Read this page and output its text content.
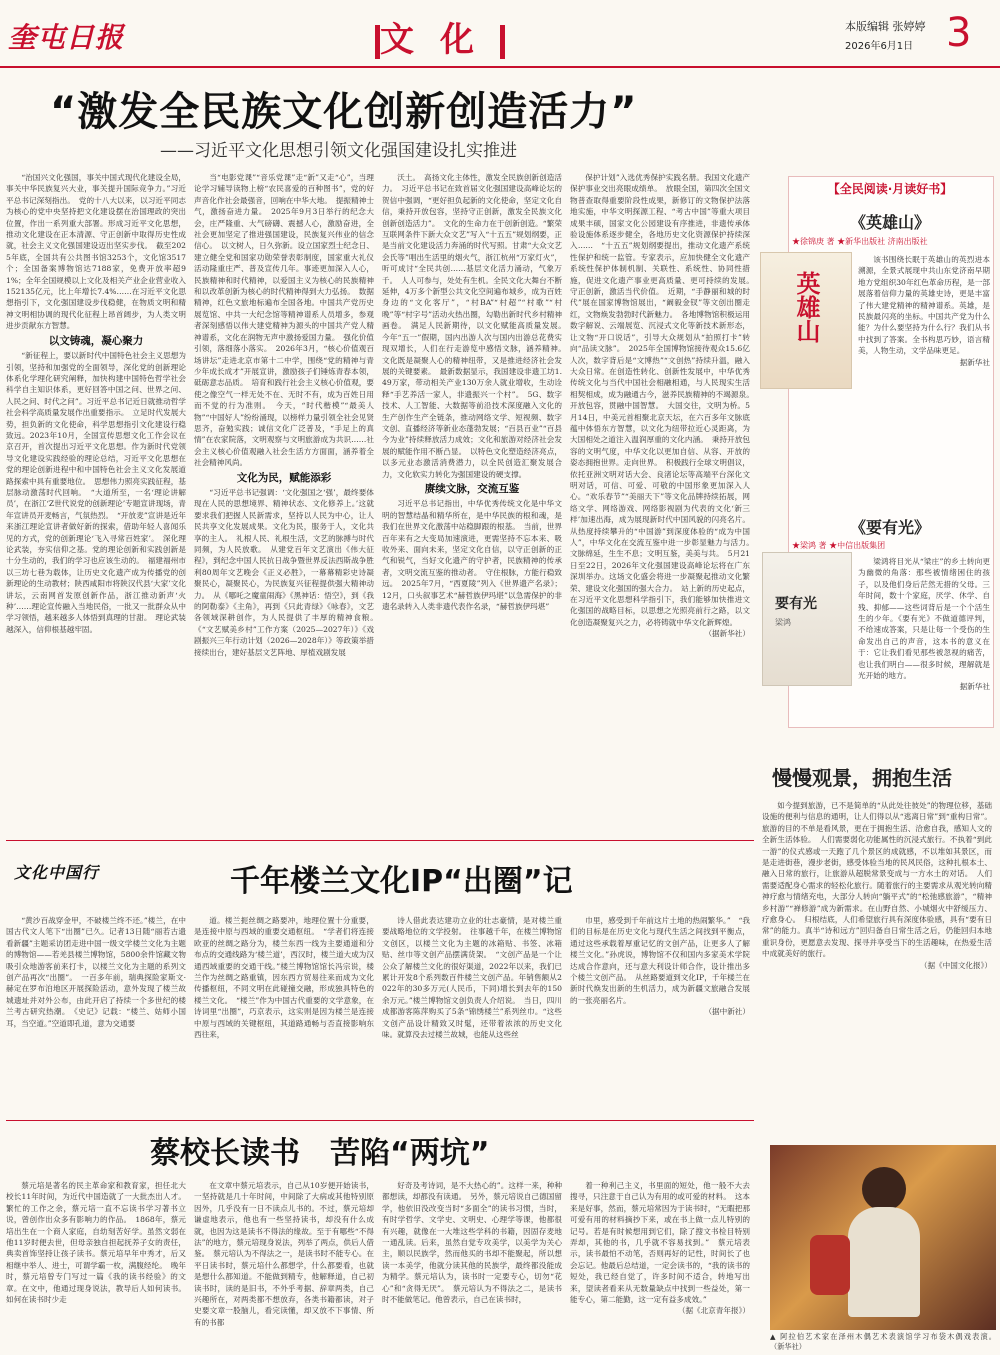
奎屯日报	文化	本版编辑 张婷婷
2026年6月1日 3
“激发全民族文化创新创造活力”
——习近平文化思想引领文化强国建设扎实推进

“治国兴文化强国，事关中国式现代化建设全局，事关中华民族复兴大业，事关提升国际竞争力。”习近平总书记深刻指出。　党的十八大以来，以习近平同志为核心的党中央坚持把文化建设摆在治国理政的突出位置，作出一系列重大部署。形成习近平文化思想，推动文化建设在正本清源、守正创新中取得历史性成就，社会主义文化强国建设迈出坚实步伐。　截至2025年底，全国共有公共图书馆3253个，文化馆3517个；全国备案博物馆达7188家，免费开放率超91%；全年全国规模以上文化及相关产业企业营业收入152135亿元，比上年增长7.4%……在习近平文化思想指引下，文化强国建设步伐稳健，在物质文明和精神文明相协调的现代化征程上昂首阔步，为人类文明进步贡献东方智慧。

以文铸魂，凝心聚力

“新征程上，要以新时代中国特色社会主义思想为引领，坚持和加强党的全面领导，深化党的创新理论体系化学理化研究阐释，加快构建中国特色哲学社会科学自主知识体系，更好回答中国之问、世界之问、人民之问、时代之问”。习近平总书记近日就推动哲学社会科学高质量发展作出重要指示。　立足时代发展大势，担负新的文化使命，科学思想指引文化建设行稳致远。2023年10月，全国宣传思想文化工作会议在京召开，首次提出习近平文化思想。作为新时代党领导文化建设实践经验的理论总结，习近平文化思想在党的理论创新进程中和中国特色社会主义文化发展道路探索中具有重要地位。　思想伟力照亮实践征程，基层脉动激荡时代回响。　“大道所至，一名‘理论讲解员’，在浙江‘Z世代说党的创新理论’专题宣讲现场，青年宣讲员开麦畅言，气氛热烈。　“开放麦”宣讲是近年来浙江理论宣讲者做好新的探索，借助年轻人喜闻乐见的方式，党的创新理论‘飞入寻常百姓家’。　深化理论武装，夯实信仰之基。党的理论创新和实践创新是十分生动的，我们的学习也应该生动的。　福建福州市以三坊七巷为载体，让历史文化遗产成为传播党的创新理论的生动教材；陕西咸阳市将陕汉代县‘大家’文化讲坛，云南网首发原创新作品，浙江推动新声‘火种’……理论宣传融入当地民俗，一批又一批群众从中学习领悟，越来越多人体悟到真理的甘甜。　理论武装越深入，信仰根基越牢固。

当“电影党课”“音乐党课”走“新”又走“心”，当理论学习辅导读物上榜“农民喜爱的百种图书”，党的好声音化作社会最强音，回响在中华大地。　提振精神士气，激扬奋进力量。　2025年9月3日举行的纪念大会，庄严隆重、大气磅礴、震撼人心，激励奋进，全社会更加坚定了推进强国建设，民族复兴伟业的信念信心。　以文树人，日久弥新。设立国家烈士纪念日、建立健全党和国家功勋荣誉表彰制度，国家重大礼仪活动隆重庄严、普及宣传几年。事迹更加深入人心，民族精神和时代精神，以爱国主义为核心的民族精神和以改革创新为核心的时代精神得到大力弘扬。　数据精神，红色文旅地标遍布全国各地。中国共产党历史展览馆、中共一大纪念馆等精神谱系人员增多，参观者深刻感悟以伟大建党精神为源头的中国共产党人精神谱系，文化在润物无声中激扬爱国力量。　强化价值引领，落细落小落实。　2026年3月，“核心价值观百场讲坛”走进北京市第十二中学，围绕“党的精神与青少年成长成才”开展宣讲，激励孩子们锤炼青春本领，砥砺意志品质。　培育和践行社会主义核心价值观，要使之像空气一样无处不在、无时不有，成为百姓日用而不觉的行为准则。　今天，“时代楷模”“最美人物”“中国好人”纷纷涌现，以榜样力量引领全社会见贤思齐，奋勉实践；诚信文化广泛普及，“手足上的真情”在农家院落，文明观察与文明旅游成为共识……社会主义核心价值观融入社会生活方方面面，涵养着全社会精神风尚。

文化为民，赋能添彩

“习近平总书记强调：‘文化强国之‘强’，最终要体现在人民的思想境界、精神状态、文化修养上。’这就要求我们把握人民新需求，坚持以人民为中心，让人民共享文化发展成果。文化为民，服务于人，文化共享的主人。　礼根人民、礼根生活，文艺的脉搏与时代同频，为人民放歌。　从建党百年文艺演出《伟大征程》，到纪念中国人民抗日战争暨世界反法西斯战争胜利80周年文艺晚会《正义必胜》，一幕幕精彩史诗凝聚民心，凝聚民心，为民族复兴征程提供强大精神动力。　从《哪吒之魔童闹海》《黑神话：悟空》，到《我的阿勒泰》《主角》，再到《只此青绿》《咏春》，文艺各领域深耕创作，为人民提供了丰厚的精神食粮。　《“文艺赋美乡村”工作方案（2025—2027年）》《戏剧振兴三年行动计划（2026—2028年）》等政策举措接续出台，建好基层文艺阵地、厚植戏剧发展

沃土。　高扬文化主体性，激发全民族创新创造活力。　习近平总书记在致首届文化强国建设高峰论坛的贺信中强调，“更好担负起新的文化使命，坚定文化自信，秉持开放包容，坚持守正创新，激发全民族文化创新创造活力”。　文化的生命力在于创新创造。“繁荣互联网条件下新大众文艺”写入“十五五”规划纲要，正是当前文化建设活力奔涌的时代写照。甘肃“大众文艺会氏等”唱出生活里的烟火气，浙江杭州“万家灯火”，听可成讨“全民共创……基层文化活力涌动，气象万千。　人人可参与，处处有生机。全民文化大舞台不断延伸，4万多个新型公共文化空间遍布城乡，成为百姓身边的“文化客厅”，“村BA”“村超”“村歌”“村晚”等“村字号”活动火热出圈，勾勒出新时代乡村精神画卷。　满足人民新期待，以文化赋能高质量发展。　今年“五一”假期，国内出游人次与国内出游总花费实现双增长，人们在行走游览中感悟文脉，涵养精神。　文化既是凝聚人心的精神纽带，又是推进经济社会发展的关键要素。　最新数据显示，我国建设非遗工坊1.49万家，带动相关产业130万余人就业增收，生动诠释“手艺养活一家人，非遗振兴一个村”。　5G、数字技术、人工智能、大数据等前沿技术深度融入文化的生产创作生产全链条，推动网络文学、短视频、数字文创、直播经济等新业态蓬勃发展；“百县百业”“百县今为业”持续释放活力成效；文化和旅游对经济社会发展的赋能作用不断凸显。　以特色文化塑造经济亮点，以多元业态激活消费潜力，以全民创造汇聚发展合力，文化软实力转化为强国建设的硬支撑。

赓续文脉，交流互鉴

习近平总书记指出，中华优秀传统文化是中华文明的智慧结晶和精华所在，是中华民族的根和魂，是我们在世界文化激荡中站稳脚跟的根基。　当前，世界百年来有之大变局加速演进，更需坚持不忘本来、吸收外来、面向未来，坚定文化自信，以守正创新的正气和锐气，当好文化遗产的守护者，民族精神的传承者，文明交流互鉴的推动者。　守住根脉，方能行稳致远。　2025年7月，“西夏陵”列入《世界遗产名录》；12月，口头叙事艺术“赫哲族伊玛堪”以急需保护的非遗名录转入人类非遗代表作名录，“赫哲族伊玛堪”

保护计划”入选优秀保护实践名册。我国文化遗产保护事业交出亮眼成绩单。　放眼全国，第四次全国文物普查取得重要阶段性成果，新修订的文物保护法落地实施，中华文明探源工程、“考古中国”等重大项目成果丰硕，国家文化公园建设有序推进，非遗传承体验设施体系逐步健全，各地历史文化资源保护持续深入……　“十五五”规划纲要提出，推动文化遗产系统性保护和统一监管。专家表示，应加快健全文化遗产系统性保护体制机制、关联性、系统性、协同性措施，促进文化遗产事业更高质量、更可持续的发展。　守正创新，激活当代价值。　近期，“手静丽和城的时代”展在国家博物馆展出，“阚毅金钗”等文创出圈走红，文物焕发勃勃时代新魅力。　各地博物馆积极运用数字解说、云端展览、沉浸式文化等新技术新形态，让文物“开口说话”，引导大众规划从“拍照打卡”转向“品读文脉”。　2025年全国博物馆接待观众15.6亿人次，数字背后是“文博热”“文创热”持续升温，融入大众日常。在创造性转化、创新性发展中，中华优秀传统文化与当代中国社会相融相通，与人民现实生活相契相成，成为融通古今，滋养民族精神的不竭源泉。　开放包容，贯融中国智慧。　大国交往，文明为桥。5月14日，中美元首相聚北京天坛，在六百多年文脉底蕴中体悟东方智慧，以文化为纽带拉近心灵距离，为大国相处之道注入温润厚重的文化内涵。　秉持开放包容的文明气度，中华文化以更加自信、从容、开放的姿态拥抱世界。走向世界。　积极践行全球文明倡议，依托亚洲文明对话大会、良渚论坛等高端平台深化文明对话，可信、可爱、可敬的中国形象更加深入人心。“欢乐春节”“美丽天下”等文化品牌持续拓展，网络文学、网络游戏、网络影视剧为代表的文化‘新三样’加速出海，成为展现新时代中国风貌的闪亮名片。从热度持续攀升的“中国游”到深度体验的“成为中国人”，中华文化在交流互鉴中进一步彰显魅力与活力。　文脉绵延，生生不息；文明互鉴，美美与共。　5月21日至22日，2026年文化强国建设高峰论坛将在广东深圳举办。这场文化盛会将进一步凝聚起推动文化繁荣、建设文化强国的强大合力。　站上新的历史起点，在习近平文化思想科学指引下，我们能够加快推进文化强国的战略目标，以思想之光照亮前行之路，以文化创造凝聚复兴之力，必将铸就中华文化新辉煌。

（据新华社）

【全民阅读·月读好书】
《英雄山》
★徐锦庚 著 ★新华出版社 济南出版社
英雄山

该书围绕长眠于英雄山的英烈进本溯源，全景式展现中共山东党济南早期地方党组织30年红色革命历程，是一部展落着信仰力量的英雄史诗，更是丰富了伟大建党精神的精神谱系。英雄，是民族最闪亮的坐标。中国共产党为什么能？为什么要坚持为什么行？我们从书中找到了答案。全书构思巧妙，语言精美，人物生动，文学品味更足。

据新华社

《要有光》
★梁鸿 著 ★中信出版集团
要有光
梁鸿

梁鸿将目光从“梁庄”的乡土转向更为幽微的角落：那些被情绪困住的孩子，以及他们身后茫然无措的父母。三年时间，数十个家庭，厌学、休学、自残、抑郁——这些词背后是一个个活生生的少年。《要有光》不做道德评判，不给速成答案，只是让每一个受伤的生命发出自己的声音，这本书的意义在于：它让我们看见那些被忽视的痛苦，也让我们明白——很多时候，理解就是光开始的地方。

据新华社

慢慢观景，拥抱生活

如今提到旅游，已不是简单的“从此处往彼处”的物理位移，基础设施的便利与信息的通明，让人们得以从“逃离日常”到“重构日常”。旅游的目的不单是看风景，更在于拥抱生活、洽愈自我，感知人文的全新生活体验。　人们需要弱化功能属性的沉浸式旅行。不执着“到此一游”的仪式感或一天跑了几个景区的成就感，不以堆如其景区，而是走进街巷，漫步老街，感受体验当地的民风民俗，这种扎根本土、融入日常的旅行，让旅游从超脱常景变成与一方水土的对话。　人们需要适配身心需求的轻松化旅行。随着旅行的主要需求从观光转向精神疗愈与情绪充电，大部分人转向“躺平式”的“松弛感旅游”，“精神乡村游”“禅修游”成为新需求。在山野自然、小城烟火中舒缓压力、疗愈身心。　归根结底，人们希望旅行具有深度体验感，具有“要有日常”的能力。真半“诗和远方”回归备自日常生活之后，仍能回归本地重识身份，更愿意去发现、探寻并享受当下的生活趣味，在热爱生活中成就美好的旅行。

（据《中国文化报》）

文化中国行	千年楼兰文化IP“出圈”记

“黄沙百战穿金甲，不破楼兰终不还。”楼兰，在中国古代文人笔下“出圈”已久。记者13日随“丽若古遗看新疆”主题采访团走进中国一级文学楼兰文化为主题的博物馆——若羌县楼兰博物馆，5800余件馆藏文物吸引众地游客前来打卡，以楼兰文化为主题的系列文创产品再次“出圈”。　一百多年前，瑞典探险家斯文·赫定在罗布泊地区开展探险活动，意外发现了楼兰故城遗址并对外公布，由此开启了持续一个多世纪的楼兰考古研究热潮。　《史记》记载：“楼兰、姑师小国耳，当空道。”空道即孔道，意为交通要

道。楼兰扼丝绸之路要冲，地理位置十分重要，是连接中原与西域的重要交通枢纽。　“学者们将连接欧亚的丝绸之路分为，楼兰东西一线为主要通道和分布点的交通线路为‘楼兰道’，西汉时，楼兰道大成为汉通西域重要的交通干线。”楼兰博物馆馆长冯宗说，楼兰作为丝绸之路重镇，因东西方贸易往来而成为文化传播枢纽，不同文明在此碰撞交融，形成独具特色的楼兰文化。　“楼兰”作为中国古代重要的文学意象，在诗词里“出圈”，巧京表示，这实则是因为楼兰是连接中原与西域的关键枢纽，其道路通畅与否直接影响东西往来，

诗人借此表达建功立业的壮志豪情，是对楼兰重要战略地位的文学投射。　往事越千年，在楼兰博物馆文创区，以楼兰文化为主题的冰箱贴、书签、冰箱贴、丝巾等文创产品摆满货架。　“文创产品是一个让公众了解楼兰文化的很好渠道，2022年以来，我们已累计开发8个系列数百件楼兰文创产品。年销售额从2022年的30多万元(人民币，下同)增长到去年的150余万元。”楼兰博物馆文创负责人介绍说。　当日，四川成都游客陈萍购买了5条“锦绣楼兰”系列丝巾。“这些文创产品设计精致又时髦，还带着浓浓的历史文化味。就算没去过楼兰故城，也能从这些丝

巾里，感受到千年前这片土地的热闹繁华。”　“我们的目标是在历史文化与现代生活之间找到平衡点，通过这些承载着厚重记忆的文创产品，让更多人了解楼兰文化。”孙虎说，博物馆不仅和国内多家美术学院达成合作意向，还与意大利设计师合作，设计推出多个楼兰文创产品。　从丝路要道到文化IP，千年楼兰在新时代焕发出新的生机活力，成为新疆文旅融合发展的一张亮丽名片。

（据中新社）

蔡校长读书　苦陷“两坑”

蔡元培是著名的民主革命家和教育家，担任北大校长11年时间，为近代中国造就了一大批杰出人才。繁忙的工作之余，蔡元培一直不忘读书学习著书立说，曾创作出众多有影响力的作品。　1868年，蔡元培出生在一个商人家庭，自幼刻苦好学。虽然文弱在他11岁时便去世，但母亲独自担起抚养子女的责任，典卖首饰坚持让孩子读书。蔡元培早年中秀才，后又相继中举人、进士，可谓学霸一枚，满腹经纶。　晚年时，蔡元培曾专门写过一篇《我的读书经验》的文章。在文中，他通过现身说法，教导后人如何读书。如何在读书时少走

在文章中蔡元培表示，自己从10岁便开始读书，一坚持就是几十年时间，中间除了大病或其他特别原因外，几乎没有一日不读点儿书的。不过，蔡元培却谦虚地表示，他也有一些坚持读书，却没有什么成就，也因为这是读书不得法的缘故。至于有哪些“不得法”的地方，蔡元培现身说法，列举了两点，供后人借鉴。　蔡元培认为不得法之一，是读书时不能专心。在平日读书时，蔡元培什么都想学，什么都要看，也就是想什么都知道。不能做到精专，他解释道，自己初读书时，读的是旧书，不外乎考据、辞章两类，自己兴趣所在，对两类都不想放弃，各类书籍都读，对子史要文章一股脑儿，看完读懂，却又放不下事情、所有的书都

好奇及考诗词，是不大热心的”。这样一来，种种都想读，却都没有读通。　另外，蔡元培说自己德国留学，他依旧没改变当时“多面全”的读书习惯，当时，有时学哲学、文学史、文明史、心理学等课，他都很有兴趣，就像在一大堆这些学科的书籍，因固存麦地一通乱读。后来，虽然自觉专攻美学，以美学为关心主，顺以民族学，然而他买的书却不能聚起，所以想读一本美学，他就分读其他的民族学，最终都没能成为精学。蔡元培认为，读书时一定要专心，切勿“花心”和“贪得无厌”。　蔡元培认为不得法之二，是读书时不能做笔记。他曾表示，自己在读书时，

着一种利己主义，书里面的短处，他一般不大去搜寻，只注意于自己认为有用的或可爱的材料。　这本来是好事，然而，蔡元培常因为于读书时，“无暇把那可爱有用的材料摘抄下来，或在书上做一点儿特别的记号。若是有时候想用到它们，除了搜文书检目特别弄却，其他的书，几乎就不容易找到。”　蔡元培表示，读书最怕不动笔，否则再好的记性，时间长了也会忘记。他最后总结道，一定会读书的，“我的读书的短处，我已经自觉了，许多时间不适合，转地写出来，望读者看来从无数量缺点中找到一些益处，第一能专心，第二能勤，这一定有益多成效。”

（据《北京青年报》）

▲ 阿拉伯艺术家在泽州木偶艺术表演馆学习布袋木偶戏表演。（新华社）
